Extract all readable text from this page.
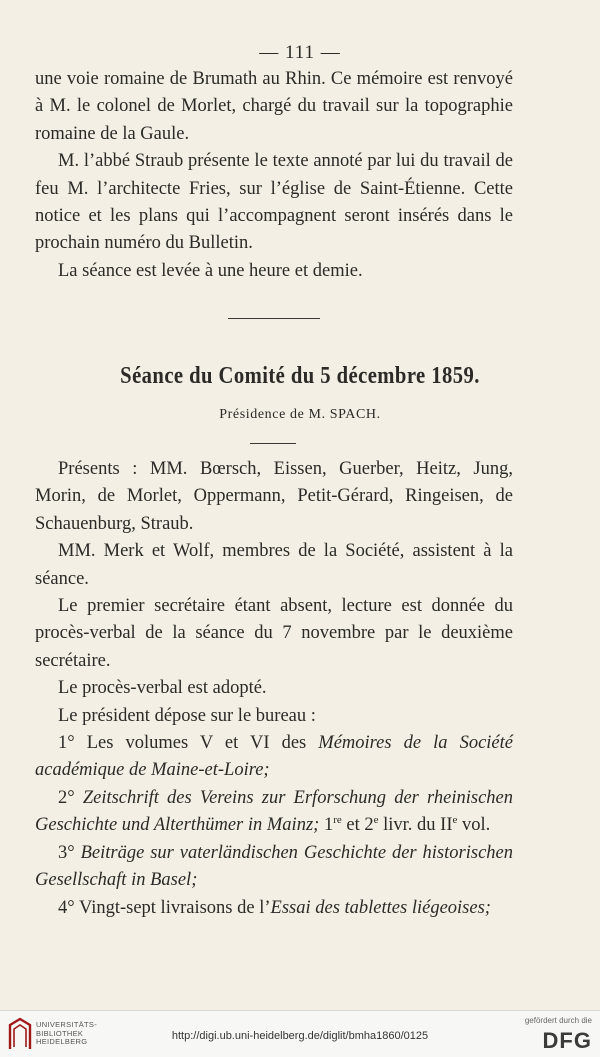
— 111 —

une voie romaine de Brumath au Rhin. Ce mémoire est renvoyé à M. le colonel de Morlet, chargé du travail sur la topographie romaine de la Gaule.

M. l’abbé Straub présente le texte annoté par lui du travail de feu M. l’architecte Fries, sur l’église de Saint-Étienne. Cette notice et les plans qui l’accompagnent seront insérés dans le prochain numéro du Bulletin.

La séance est levée à une heure et demie.

Séance du Comité du 5 décembre 1859.
Présidence de M. SPACH.

Présents : MM. Bœrsch, Eissen, Guerber, Heitz, Jung, Morin, de Morlet, Oppermann, Petit-Gérard, Ringeisen, de Schauenburg, Straub.

MM. Merk et Wolf, membres de la Société, assistent à la séance.

Le premier secrétaire étant absent, lecture est donnée du procès-verbal de la séance du 7 novembre par le deuxième secrétaire.

Le procès-verbal est adopté.

Le président dépose sur le bureau :

1° Les volumes V et VI des Mémoires de la Société académique de Maine-et-Loire;

2° Zeitschrift des Vereins zur Erforschung der rheinischen Geschichte und Alterthümer in Mainz; 1re et 2e livr. du IIe vol.

3° Beiträge sur vaterländischen Geschichte der historischen Gesellschaft in Basel;

4° Vingt-sept livraisons de l’Essai des tablettes liégeoises;

UNIVERSITÄTS-
BIBLIOTHEK
HEIDELBERG	http://digi.ub.uni-heidelberg.de/diglit/bmha1860/0125
gefördert durch die
DFG
